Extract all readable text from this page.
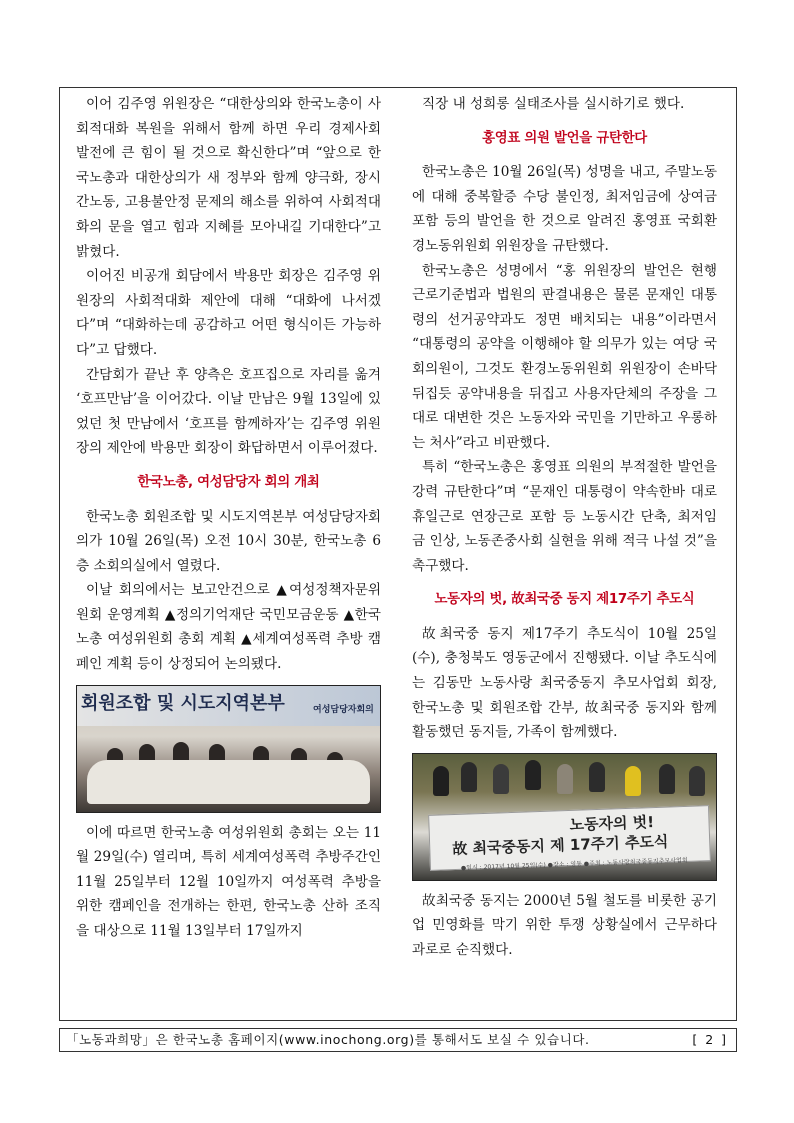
이어 김주영 위원장은 “대한상의와 한국노총이 사회적대화 복원을 위해서 함께 하면 우리 경제사회 발전에 큰 힘이 될 것으로 확신한다”며 “앞으로 한국노총과 대한상의가 새 정부와 함께 양극화, 장시간노동, 고용불안정 문제의 해소를 위하여 사회적대화의 문을 열고 힘과 지혜를 모아내길 기대한다”고 밝혔다.

이어진 비공개 회담에서 박용만 회장은 김주영 위원장의 사회적대화 제안에 대해 “대화에 나서겠다”며 “대화하는데 공감하고 어떤 형식이든 가능하다”고 답했다.

간담회가 끝난 후 양측은 호프집으로 자리를 옮겨 ‘호프만남’을 이어갔다. 이날 만남은 9월 13일에 있었던 첫 만남에서 ‘호프를 함께하자’는 김주영 위원장의 제안에 박용만 회장이 화답하면서 이루어졌다.

한국노총, 여성담당자 회의 개최

한국노총 회원조합 및 시도지역본부 여성담당자회의가 10월 26일(목) 오전 10시 30분, 한국노총 6층 소회의실에서 열렸다.

이날 회의에서는 보고안건으로 ▲여성정책자문위원회 운영계획 ▲정의기억재단 국민모금운동 ▲한국노총 여성위원회 총회 계획 ▲세계여성폭력 추방 캠페인 계획 등이 상정되어 논의됐다.

회원조합 및 시도지역본부	여성담당자회의

이에 따르면 한국노총 여성위원회 총회는 오는 11월 29일(수) 열리며, 특히 세계여성폭력 추방주간인 11월 25일부터 12월 10일까지 여성폭력 추방을 위한 캠페인을 전개하는 한편, 한국노총 산하 조직을 대상으로 11월 13일부터 17일까지

직장 내 성희롱 실태조사를 실시하기로 했다.

홍영표 의원 발언을 규탄한다

한국노총은 10월 26일(목) 성명을 내고, 주말노동에 대해 중복할증 수당 불인정, 최저임금에 상여금 포함 등의 발언을 한 것으로 알려진 홍영표 국회환경노동위원회 위원장을 규탄했다.

한국노총은 성명에서 “홍 위원장의 발언은 현행 근로기준법과 법원의 판결내용은 물론 문재인 대통령의 선거공약과도 정면 배치되는 내용”이라면서 “대통령의 공약을 이행해야 할 의무가 있는 여당 국회의원이, 그것도 환경노동위원회 위원장이 손바닥 뒤집듯 공약내용을 뒤집고 사용자단체의 주장을 그대로 대변한 것은 노동자와 국민을 기만하고 우롱하는 처사”라고 비판했다.

특히 “한국노총은 홍영표 의원의 부적절한 발언을 강력 규탄한다”며 “문재인 대통령이 약속한바 대로 휴일근로 연장근로 포함 등 노동시간 단축, 최저임금 인상, 노동존중사회 실현을 위해 적극 나설 것”을 촉구했다.

노동자의 벗, 故최국중 동지 제17주기 추도식

故최국중 동지 제17주기 추도식이 10월 25일(수), 충청북도 영동군에서 진행됐다. 이날 추도식에는 김동만 노동사랑 최국중동지 추모사업회 회장, 한국노총 및 회원조합 간부, 故최국중 동지와 함께 활동했던 동지들, 가족이 함께했다.

노동자의 벗!
故 최국중동지 제 17주기 추도식
●일시 : 2017년 10월 25일(수) ●장소 : 영동 ●주최 : 노동사랑최국중동지추모사업회

故최국중 동지는 2000년 5월 철도를 비롯한 공기업 민영화를 막기 위한 투쟁 상황실에서 근무하다 과로로 순직했다.

「노동과희망」은 한국노총 홈페이지(www.inochong.org)를 통해서도 보실 수 있습니다.	[ 2 ]
